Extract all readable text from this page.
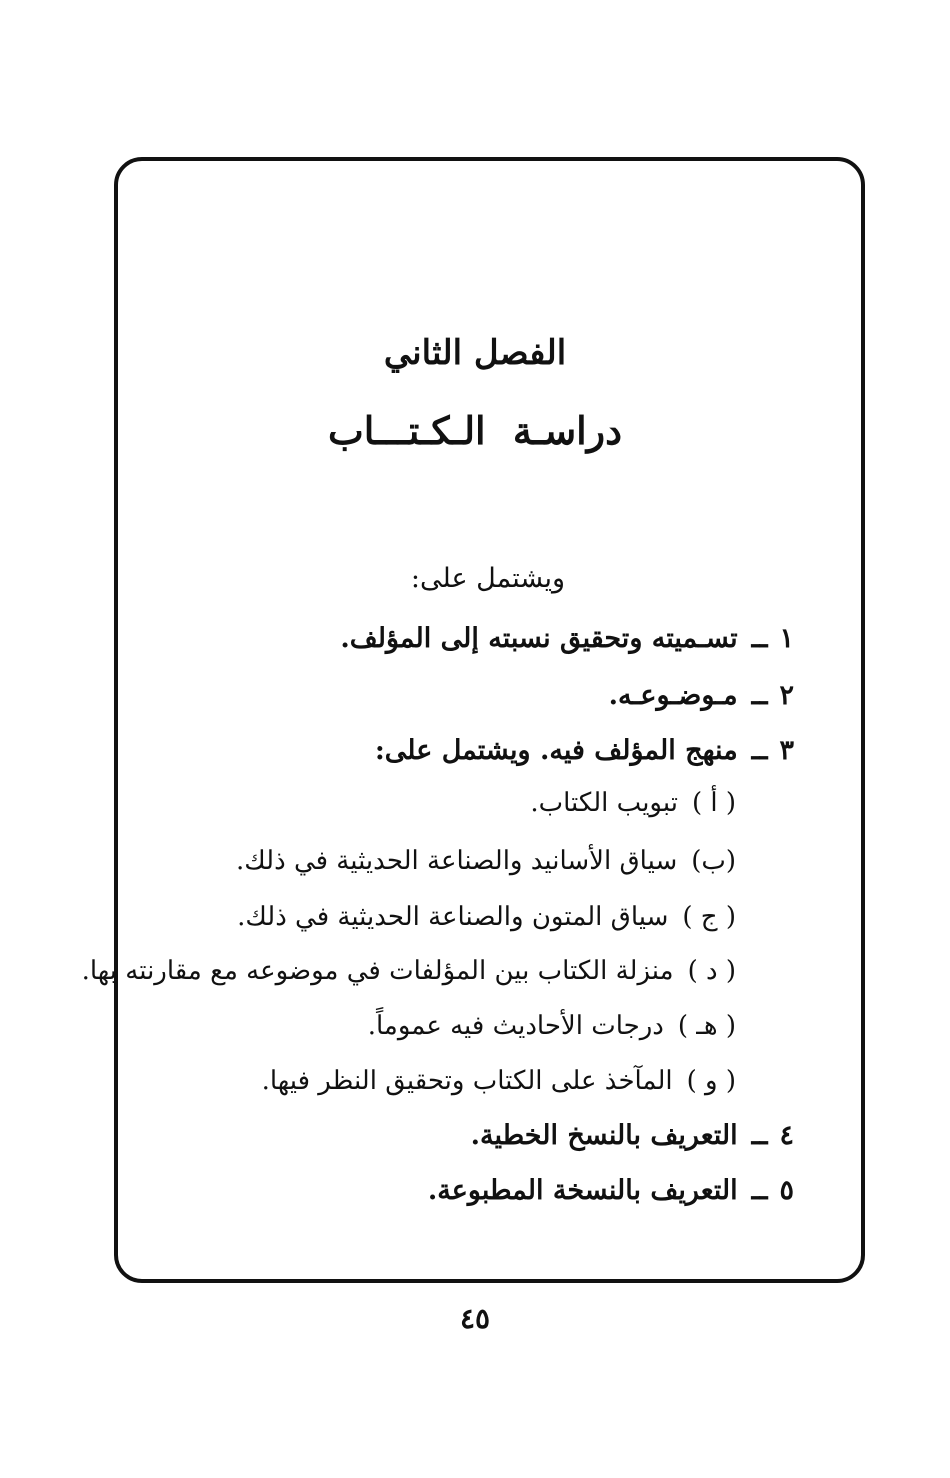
الفصل الثاني
دراسـة الـكـتـــاب
ويشتمل على:
١ــتسـميته وتحقيق نسبته إلى المؤلف.
٢ــمـوضـوعـه.
٣ــمنهج المؤلف فيه. ويشتمل على:
( أ )تبويب الكتاب.
(ب)سياق الأسانيد والصناعة الحديثية في ذلك.
( ج )سياق المتون والصناعة الحديثية في ذلك.
( د )منزلة الكتاب بين المؤلفات في موضوعه مع مقارنته بها.
( هـ )درجات الأحاديث فيه عموماً.
( و )المآخذ على الكتاب وتحقيق النظر فيها.
٤ــالتعريف بالنسخ الخطية.
٥ــالتعريف بالنسخة المطبوعة.
٤٥
